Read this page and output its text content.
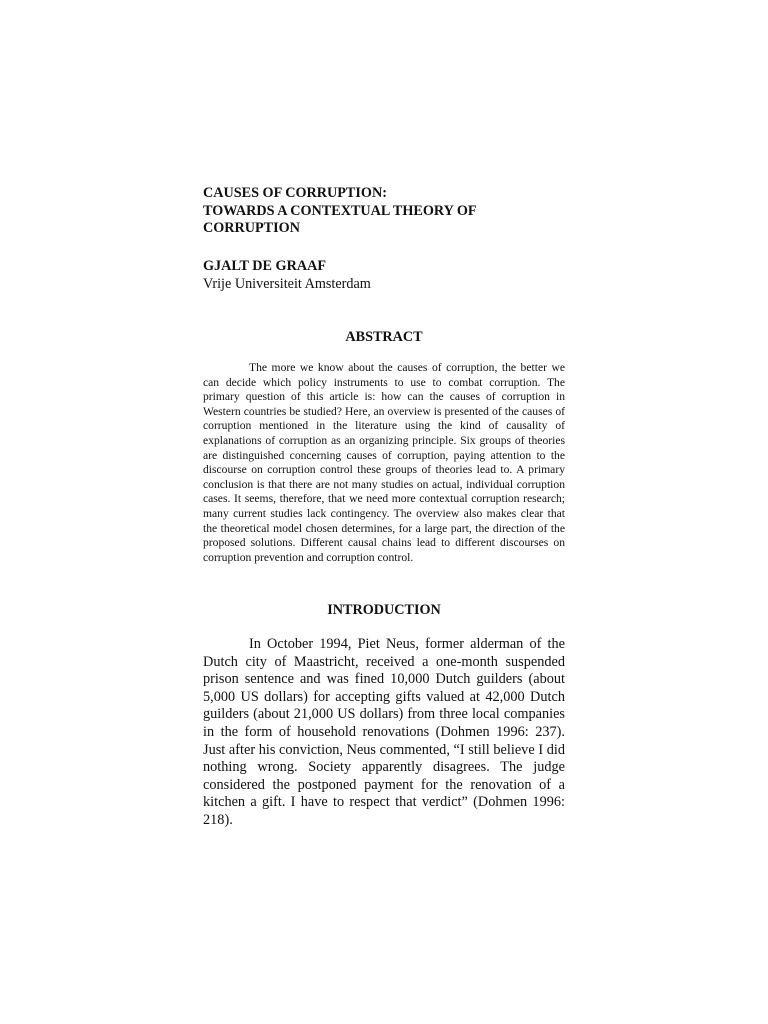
CAUSES OF CORRUPTION:
TOWARDS A CONTEXTUAL THEORY OF
CORRUPTION
GJALT DE GRAAF
Vrije Universiteit Amsterdam
ABSTRACT

The more we know about the causes of corruption, the better we can decide which policy instruments to use to combat corruption. The primary question of this article is: how can the causes of corruption in Western countries be studied? Here, an overview is presented of the causes of corruption mentioned in the literature using the kind of causality of explanations of corruption as an organizing principle. Six groups of theories are distinguished concerning causes of corruption, paying attention to the discourse on corruption control these groups of theories lead to. A primary conclusion is that there are not many studies on actual, individual corruption cases. It seems, therefore, that we need more contextual corruption research; many current studies lack contingency. The overview also makes clear that the theoretical model chosen determines, for a large part, the direction of the proposed solutions. Different causal chains lead to different discourses on corruption prevention and corruption control.

INTRODUCTION

In October 1994, Piet Neus, former alderman of the Dutch city of Maastricht, received a one-month suspended prison sentence and was fined 10,000 Dutch guilders (about 5,000 US dollars) for accepting gifts valued at 42,000 Dutch guilders (about 21,000 US dollars) from three local companies in the form of household renovations (Dohmen 1996: 237). Just after his conviction, Neus commented, “I still believe I did nothing wrong. Society apparently disagrees. The judge considered the postponed payment for the renovation of a kitchen a gift. I have to respect that verdict” (Dohmen 1996: 218).
